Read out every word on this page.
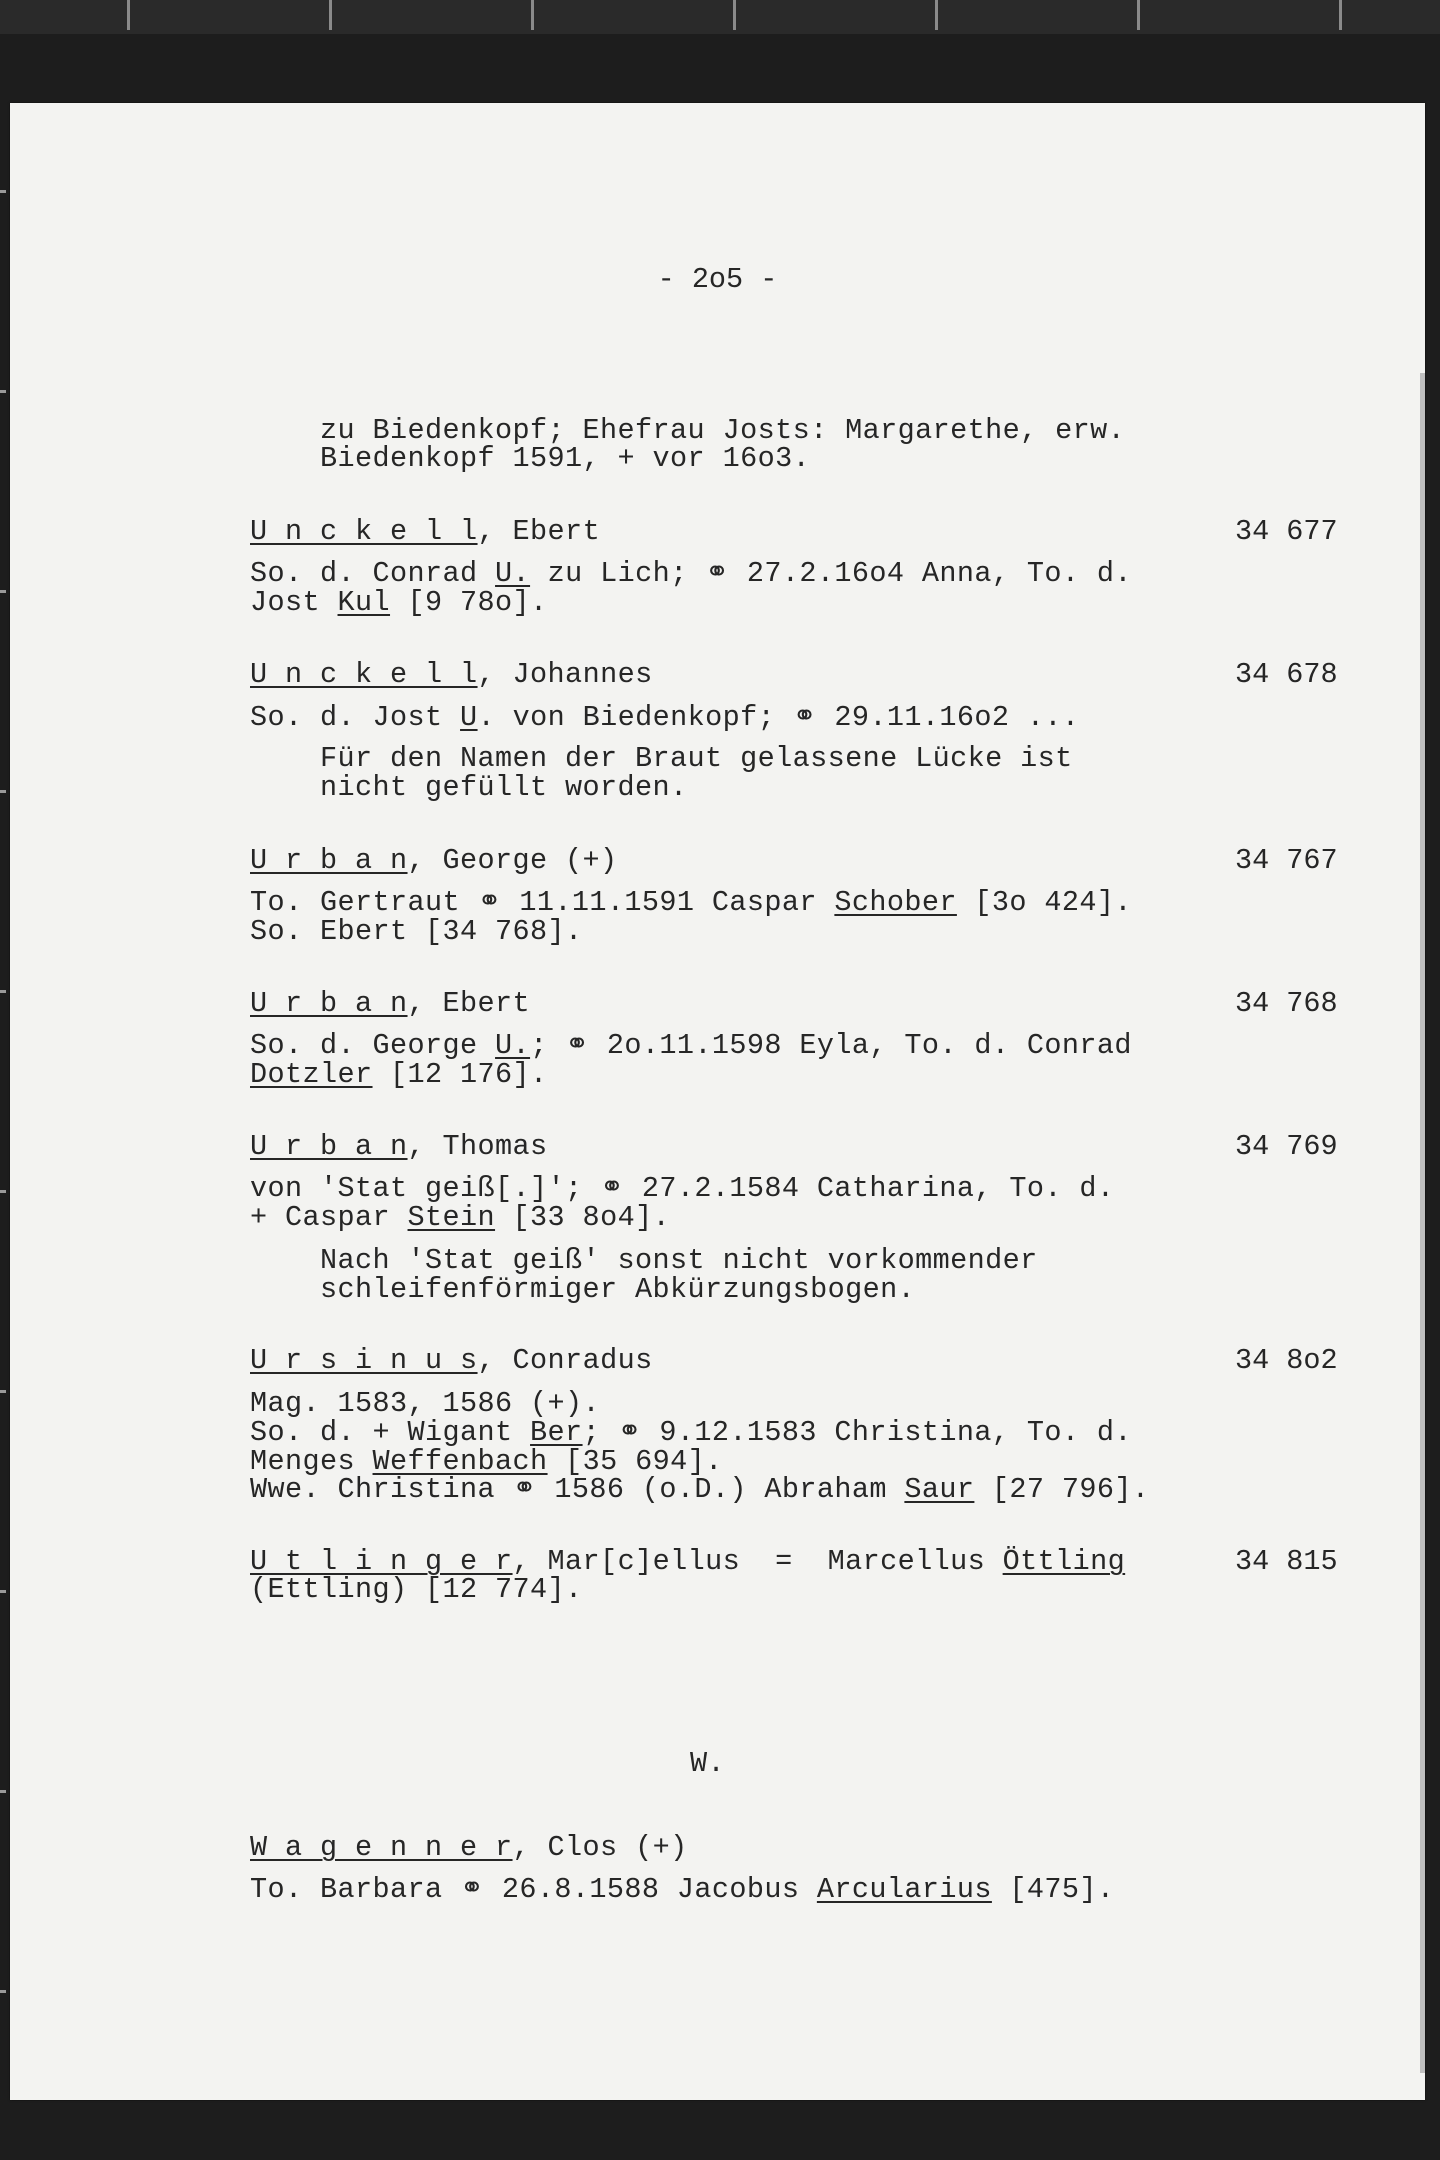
- 2o5 -
zu Biedenkopf; Ehefrau Josts: Margarethe, erw.
Biedenkopf 1591, + vor 16o3.
U n c k e l l, Ebert	34 677
So. d. Conrad U. zu Lich; ⚭ 27.2.16o4 Anna, To. d.
Jost Kul [9 78o].
U n c k e l l, Johannes	34 678
So. d. Jost U. von Biedenkopf; ⚭ 29.11.16o2 ...
Für den Namen der Braut gelassene Lücke ist
nicht gefüllt worden.
U r b a n, George (+)	34 767
To. Gertraut ⚭ 11.11.1591 Caspar Schober [3o 424].
So. Ebert [34 768].
U r b a n, Ebert	34 768
So. d. George U.; ⚭ 2o.11.1598 Eyla, To. d. Conrad
Dotzler [12 176].
U r b a n, Thomas	34 769
von 'Stat geiß[.]'; ⚭ 27.2.1584 Catharina, To. d.
+ Caspar Stein [33 8o4].
Nach 'Stat geiß' sonst nicht vorkommender
schleifenförmiger Abkürzungsbogen.
U r s i n u s, Conradus	34 8o2
Mag. 1583, 1586 (+).
So. d. + Wigant Ber; ⚭ 9.12.1583 Christina, To. d.
Menges Weffenbach [35 694].
Wwe. Christina ⚭ 1586 (o.D.) Abraham Saur [27 796].
U t l i n g e r, Mar[c]ellus  =  Marcellus Öttling	34 815
(Ettling) [12 774].
W.
W a g e n n e r, Clos (+)
To. Barbara ⚭ 26.8.1588 Jacobus Arcularius [475].
